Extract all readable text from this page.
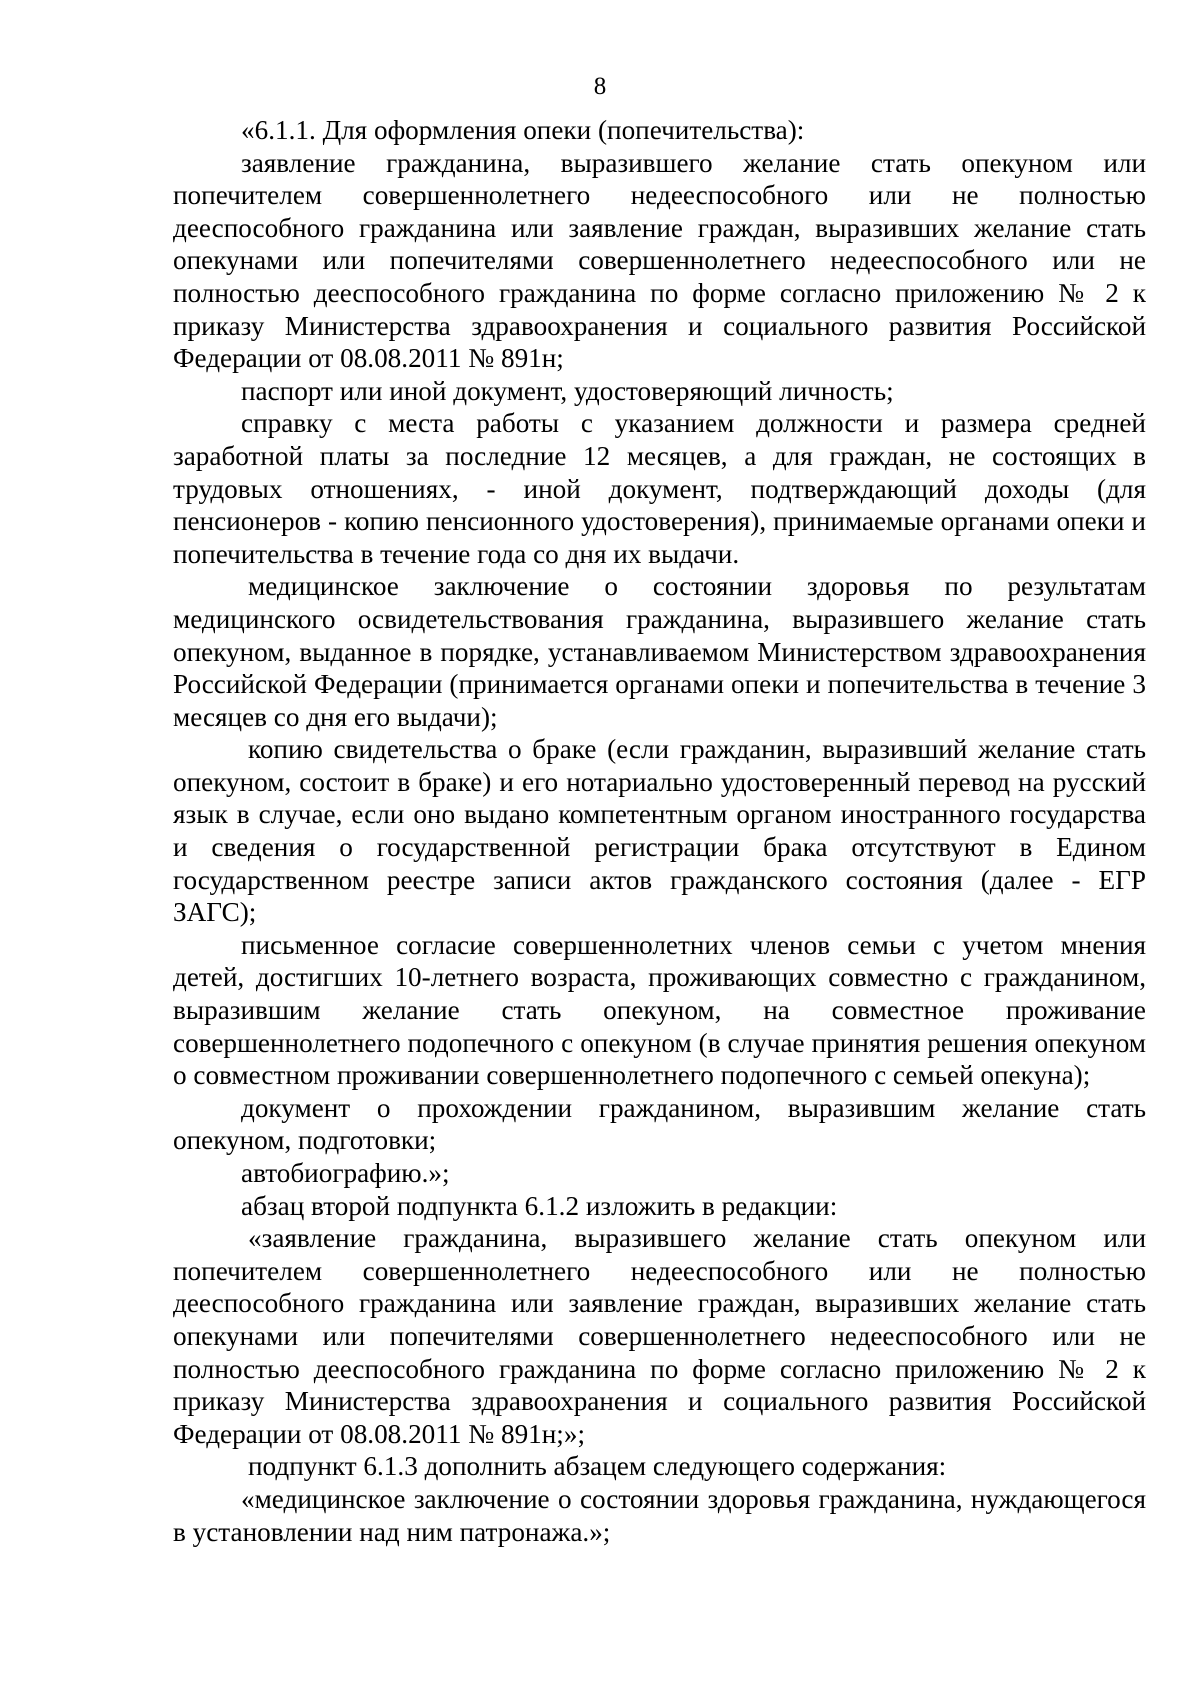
8

«6.1.1. Для оформления опеки (попечительства):

заявление гражданина, выразившего желание стать опекуном или попечителем совершеннолетнего недееспособного или не полностью дееспособного гражданина или заявление граждан, выразивших желание стать опекунами или попечителями совершеннолетнего недееспособного или не полностью дееспособного гражданина по форме согласно приложению № 2 к приказу Министерства здравоохранения и социального развития Российской Федерации от 08.08.2011 № 891н;

паспорт или иной документ, удостоверяющий личность;

справку с места работы с указанием должности и размера средней заработной платы за последние 12 месяцев, а для граждан, не состоящих в трудовых отношениях, - иной документ, подтверждающий доходы (для пенсионеров - копию пенсионного удостоверения), принимаемые органами опеки и попечительства в течение года со дня их выдачи.

медицинское заключение о состоянии здоровья по результатам медицинского освидетельствования гражданина, выразившего желание стать опекуном, выданное в порядке, устанавливаемом Министерством здравоохранения Российской Федерации (принимается органами опеки и попечительства в течение 3 месяцев со дня его выдачи);

копию свидетельства о браке (если гражданин, выразивший желание стать опекуном, состоит в браке) и его нотариально удостоверенный перевод на русский язык в случае, если оно выдано компетентным органом иностранного государства и сведения о государственной регистрации брака отсутствуют в Едином государственном реестре записи актов гражданского состояния (далее - ЕГР ЗАГС);

письменное согласие совершеннолетних членов семьи с учетом мнения детей, достигших 10-летнего возраста, проживающих совместно с гражданином, выразившим желание стать опекуном, на совместное проживание совершеннолетнего подопечного с опекуном (в случае принятия решения опекуном о совместном проживании совершеннолетнего подопечного с семьей опекуна);

документ о прохождении гражданином, выразившим желание стать опекуном, подготовки;

автобиографию.»;

абзац второй подпункта 6.1.2 изложить в редакции:

«заявление гражданина, выразившего желание стать опекуном или попечителем совершеннолетнего недееспособного или не полностью дееспособного гражданина или заявление граждан, выразивших желание стать опекунами или попечителями совершеннолетнего недееспособного или не полностью дееспособного гражданина по форме согласно приложению № 2 к приказу Министерства здравоохранения и социального развития Российской Федерации от 08.08.2011 № 891н;»;

подпункт 6.1.3 дополнить абзацем следующего содержания:

«медицинское заключение о состоянии здоровья гражданина, нуждающегося в установлении над ним патронажа.»;
